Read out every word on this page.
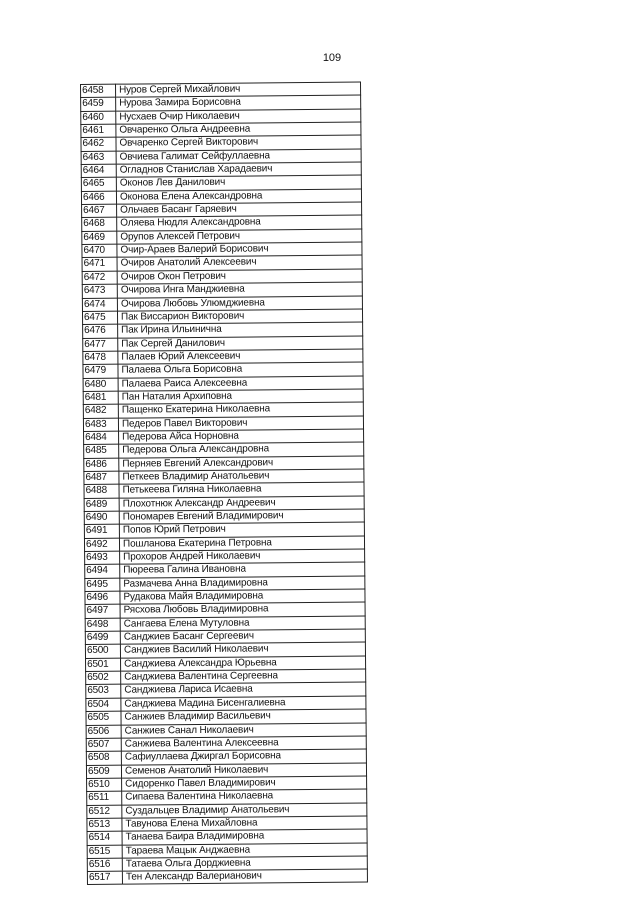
109
6458	Нуров Сергей Михайлович
6459	Нурова Замира Борисовна
6460	Нусхаев Очир Николаевич
6461	Овчаренко Ольга Андреевна
6462	Овчаренко Сергей Викторович
6463	Овчиева Галимат Сейфуллаевна
6464	Огладнов Станислав Харадаевич
6465	Оконов Лев Данилович
6466	Оконова Елена Александровна
6467	Ольчаев Басанг Гаряевич
6468	Оляева Нюдля Александровна
6469	Орупов Алексей Петрович
6470	Очир-Араев Валерий Борисович
6471	Очиров Анатолий Алексеевич
6472	Очиров Окон Петрович
6473	Очирова Инга Манджиевна
6474	Очирова Любовь Улюмджиевна
6475	Пак Виссарион Викторович
6476	Пак Ирина Ильинична
6477	Пак Сергей Данилович
6478	Палаев Юрий Алексеевич
6479	Палаева Ольга Борисовна
6480	Палаева Раиса Алексеевна
6481	Пан Наталия Архиповна
6482	Пащенко Екатерина Николаевна
6483	Педеров Павел Викторович
6484	Педерова Айса Норновна
6485	Педерова Ольга Александровна
6486	Перняев Евгений Александрович
6487	Петкеев Владимир Анатольевич
6488	Петькеева Гиляна Николаевна
6489	Плохотнюк Александр Андреевич
6490	Пономарев Евгений Владимирович
6491	Попов Юрий Петрович
6492	Пошланова Екатерина Петровна
6493	Прохоров Андрей Николаевич
6494	Пюреева Галина Ивановна
6495	Размачева Анна Владимировна
6496	Рудакова Майя Владимировна
6497	Рясхова Любовь Владимировна
6498	Сангаева Елена Мутуловна
6499	Санджиев Басанг Сергеевич
6500	Санджиев Василий Николаевич
6501	Санджиева Александра Юрьевна
6502	Санджиева Валентина Сергеевна
6503	Санджиева Лариса Исаевна
6504	Санджиева Мадина Бисенгалиевна
6505	Санжиев Владимир Васильевич
6506	Санжиев Санал Николаевич
6507	Санжиева Валентина Алексеевна
6508	Сафиуллаева Джиргал Борисовна
6509	Семенов Анатолий Николаевич
6510	Сидоренко Павел Владимирович
6511	Сипаева Валентина Николаевна
6512	Суздальцев Владимир Анатольевич
6513	Тавунова Елена Михайловна
6514	Танаева Баира Владимировна
6515	Тараева Мацык Анджаевна
6516	Татаева Ольга Дорджиевна
6517	Тен Александр Валерианович
